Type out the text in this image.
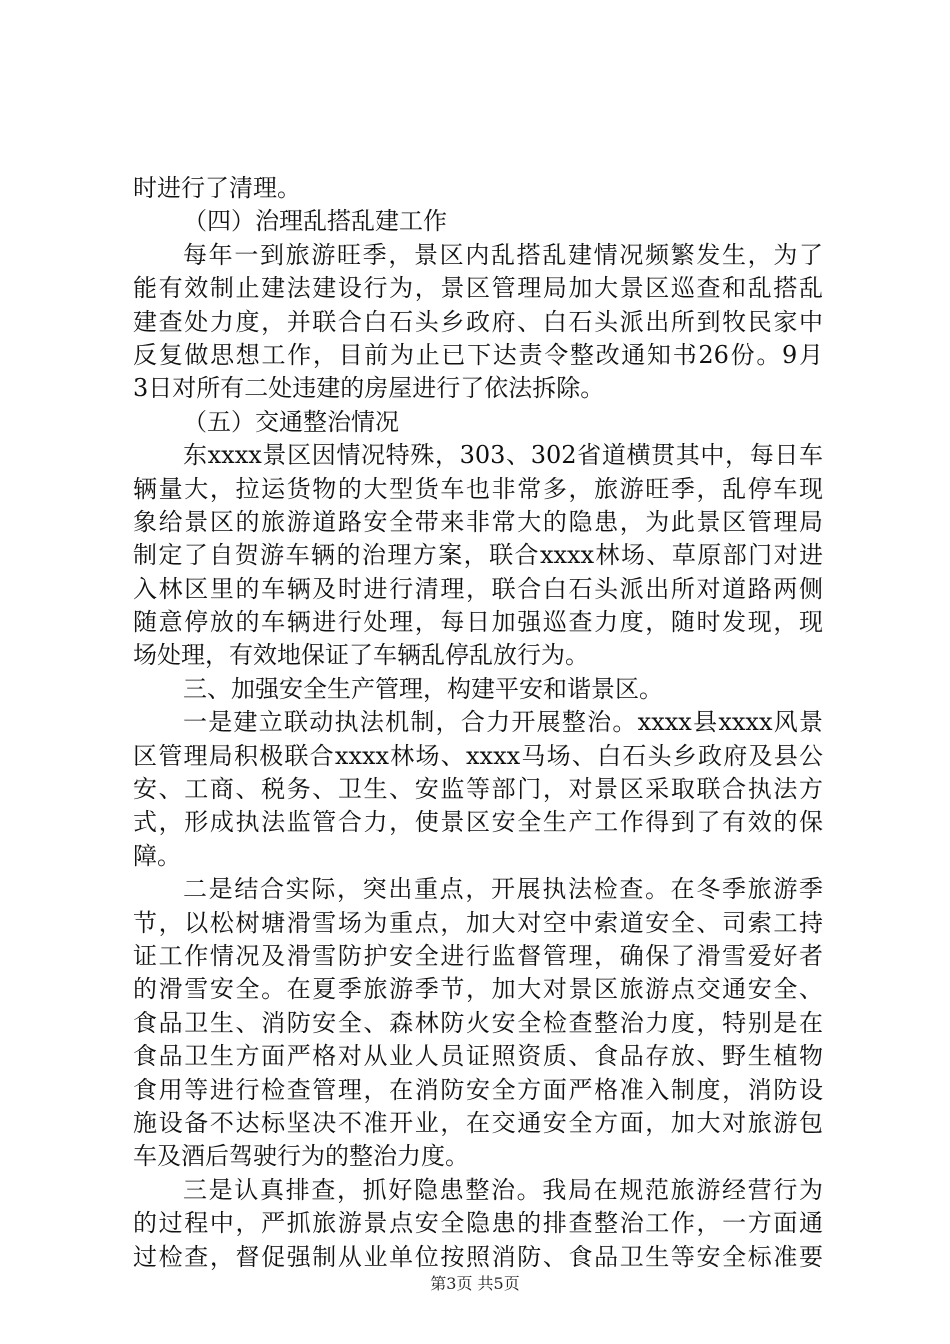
时进行了清理。
（四）治理乱搭乱建工作
每年一到旅游旺季，景区内乱搭乱建情况频繁发生，为了
能有效制止建法建设行为，景区管理局加大景区巡查和乱搭乱
建查处力度，并联合白石头乡政府、白石头派出所到牧民家中
反复做思想工作，目前为止已下达责令整改通知书26份。9月
3日对所有二处违建的房屋进行了依法拆除。
（五）交通整治情况
东xxxx景区因情况特殊，303、302省道横贯其中，每日车
辆量大，拉运货物的大型货车也非常多，旅游旺季，乱停车现
象给景区的旅游道路安全带来非常大的隐患，为此景区管理局
制定了自贺游车辆的治理方案，联合xxxx林场、草原部门对进
入林区里的车辆及时进行清理，联合白石头派出所对道路两侧
随意停放的车辆进行处理，每日加强巡查力度，随时发现，现
场处理，有效地保证了车辆乱停乱放行为。
三、加强安全生产管理，构建平安和谐景区。
一是建立联动执法机制，合力开展整治。xxxx县xxxx风景
区管理局积极联合xxxx林场、xxxx马场、白石头乡政府及县公
安、工商、税务、卫生、安监等部门，对景区采取联合执法方
式，形成执法监管合力，使景区安全生产工作得到了有效的保
障。
二是结合实际，突出重点，开展执法检查。在冬季旅游季
节，以松树塘滑雪场为重点，加大对空中索道安全、司索工持
证工作情况及滑雪防护安全进行监督管理，确保了滑雪爱好者
的滑雪安全。在夏季旅游季节，加大对景区旅游点交通安全、
食品卫生、消防安全、森林防火安全检查整治力度，特别是在
食品卫生方面严格对从业人员证照资质、食品存放、野生植物
食用等进行检查管理，在消防安全方面严格准入制度，消防设
施设备不达标坚决不准开业，在交通安全方面，加大对旅游包
车及酒后驾驶行为的整治力度。
三是认真排查，抓好隐患整治。我局在规范旅游经营行为
的过程中，严抓旅游景点安全隐患的排查整治工作，一方面通
过检查，督促强制从业单位按照消防、食品卫生等安全标准要
第3页 共5页
